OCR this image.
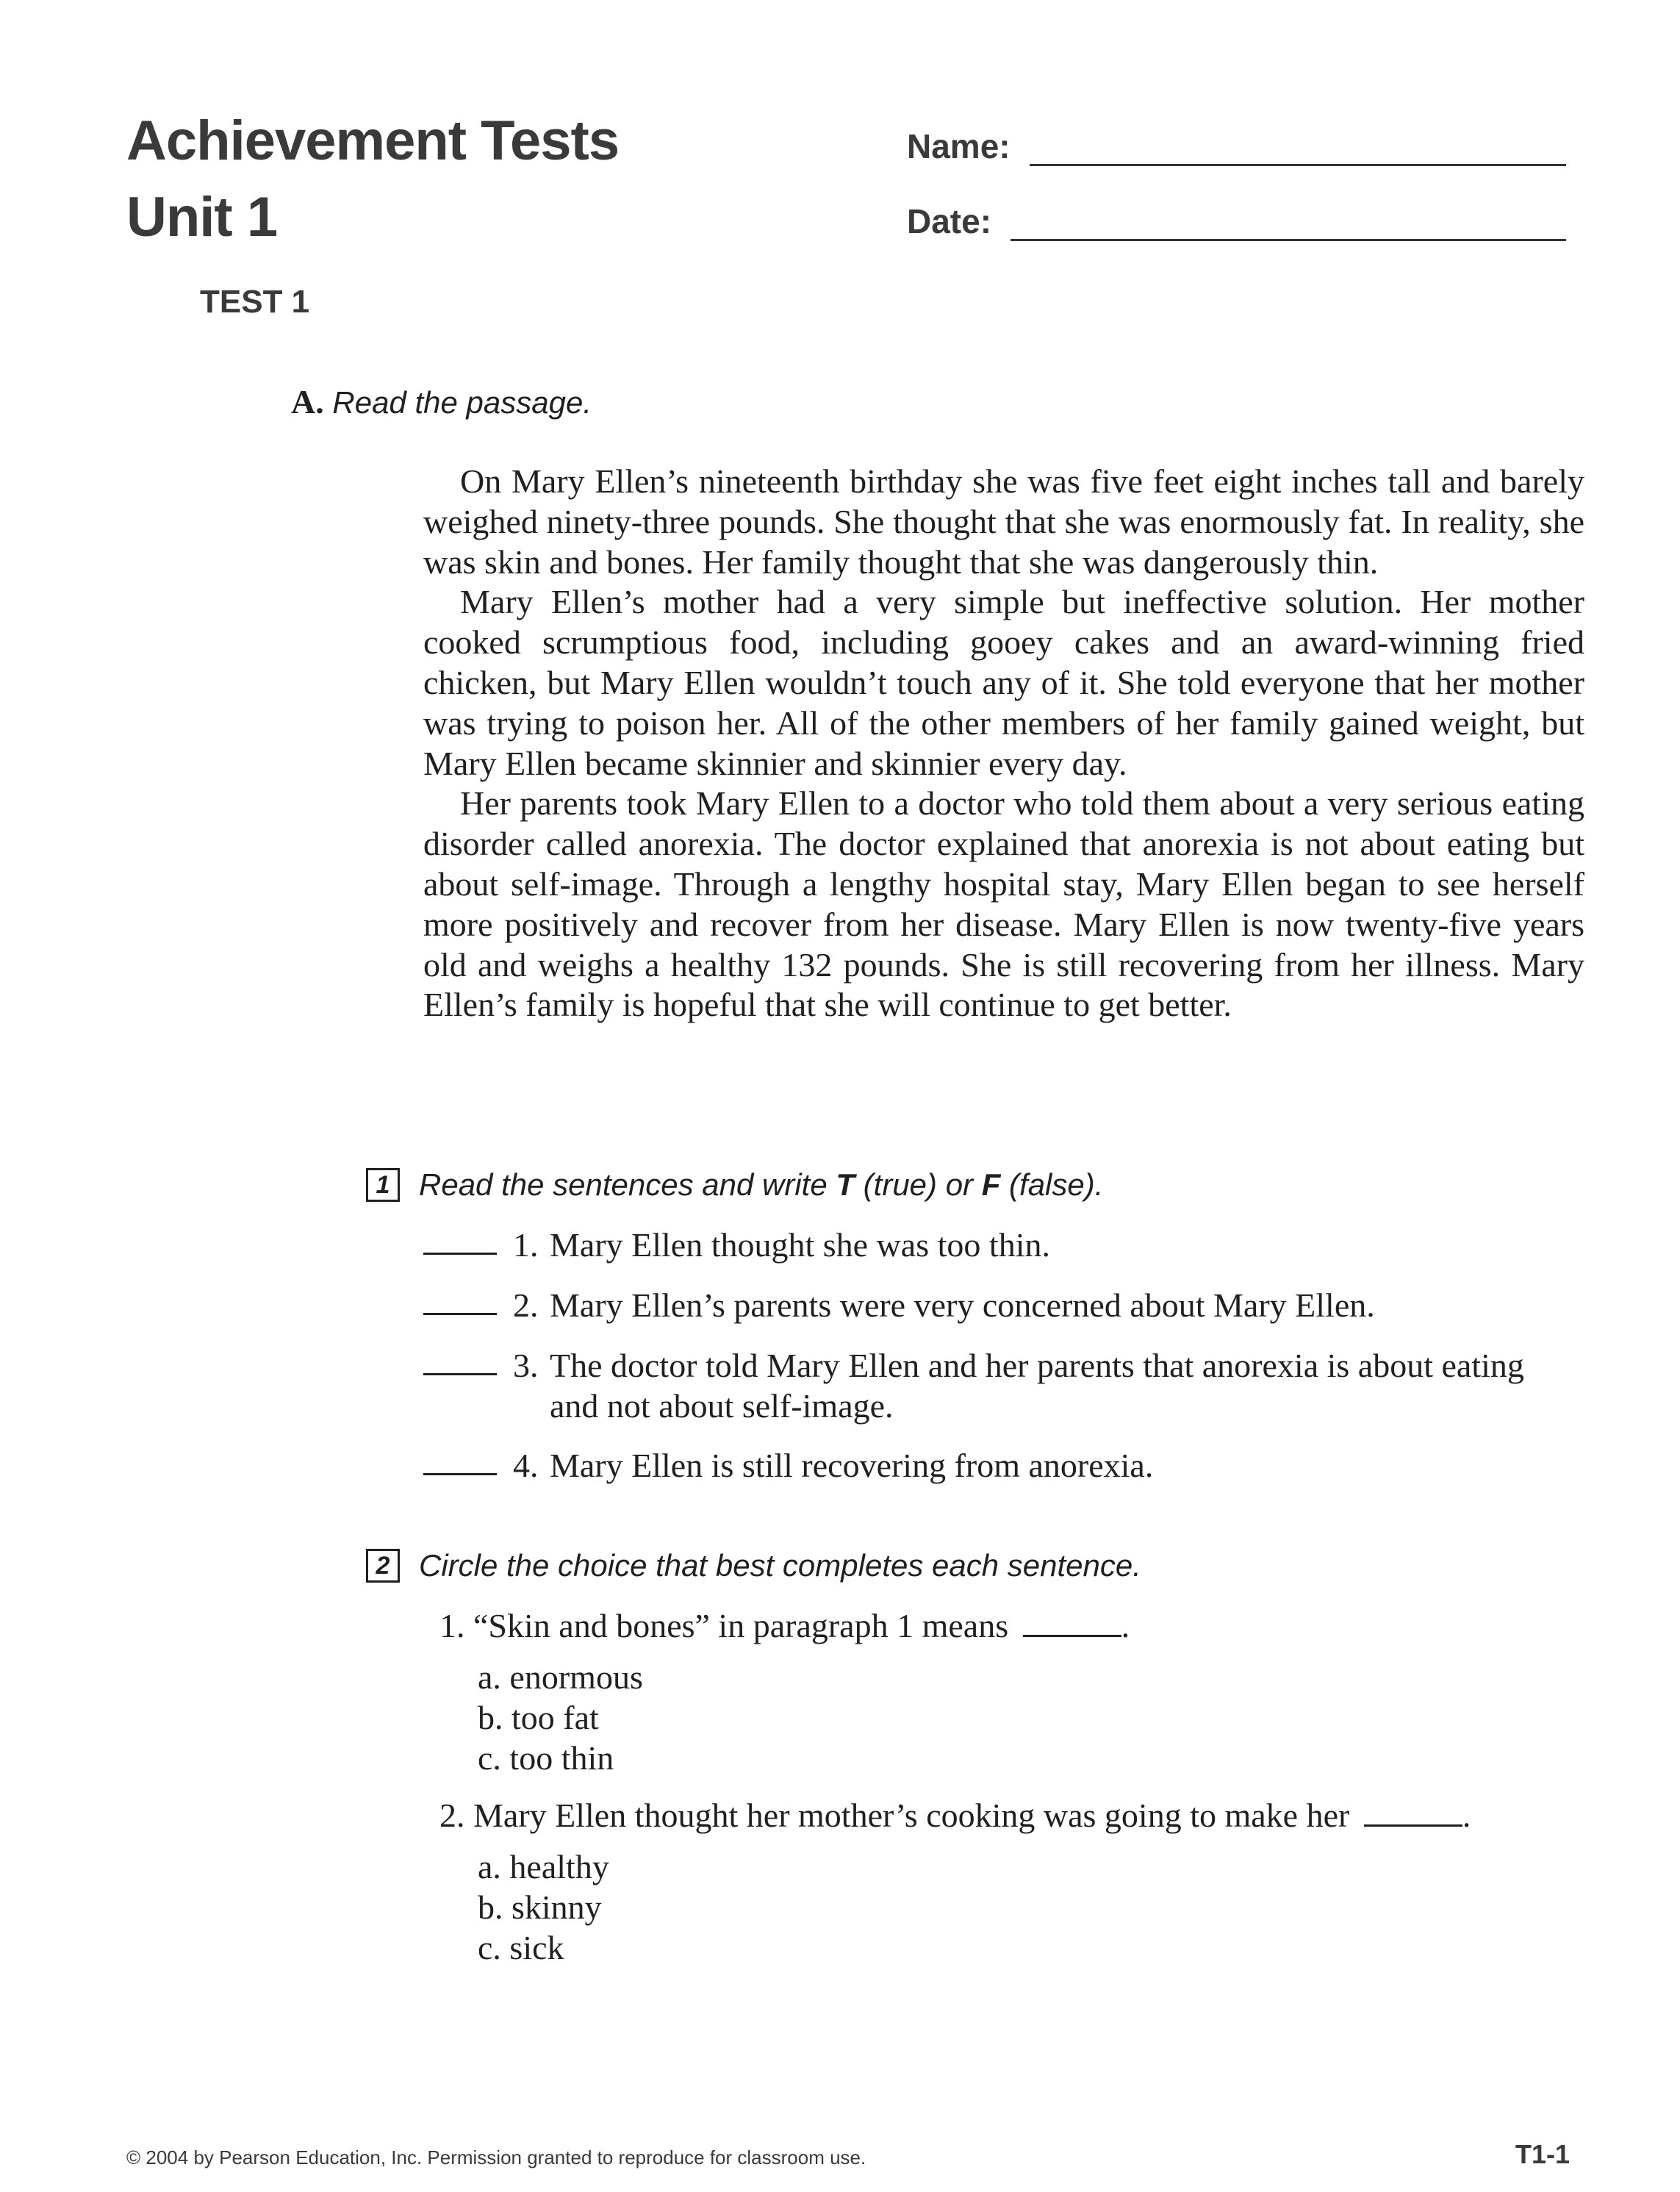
Achievement Tests
Unit 1
Name:
Date:
TEST 1
A. Read the passage.

On Mary Ellen’s nineteenth birthday she was five feet eight inches tall and barely weighed ninety-three pounds. She thought that she was enormously fat. In reality, she was skin and bones. Her family thought that she was dangerously thin.

Mary Ellen’s mother had a very simple but ineffective solution. Her mother cooked scrumptious food, including gooey cakes and an award-winning fried chicken, but Mary Ellen wouldn’t touch any of it. She told everyone that her mother was trying to poison her. All of the other members of her family gained weight, but Mary Ellen became skinnier and skinnier every day.

Her parents took Mary Ellen to a doctor who told them about a very serious eating disorder called anorexia. The doctor explained that anorexia is not about eating but about self-image. Through a lengthy hospital stay, Mary Ellen began to see herself more positively and recover from her disease. Mary Ellen is now twenty-five years old and weighs a healthy 132 pounds. She is still recovering from her illness. Mary Ellen’s family is hopeful that she will continue to get better.

1 Read the sentences and write T (true) or F (false).
1. Mary Ellen thought she was too thin.
2. Mary Ellen’s parents were very concerned about Mary Ellen.
3. The doctor told Mary Ellen and her parents that anorexia is about eating and not about self-image.
4. Mary Ellen is still recovering from anorexia.
2 Circle the choice that best completes each sentence.
1. “Skin and bones” in paragraph 1 means	.
a. enormous
b. too fat
c. too thin
2. Mary Ellen thought her mother’s cooking was going to make her	.
a. healthy
b. skinny
c. sick
© 2004 by Pearson Education, Inc. Permission granted to reproduce for classroom use.	T1-1
